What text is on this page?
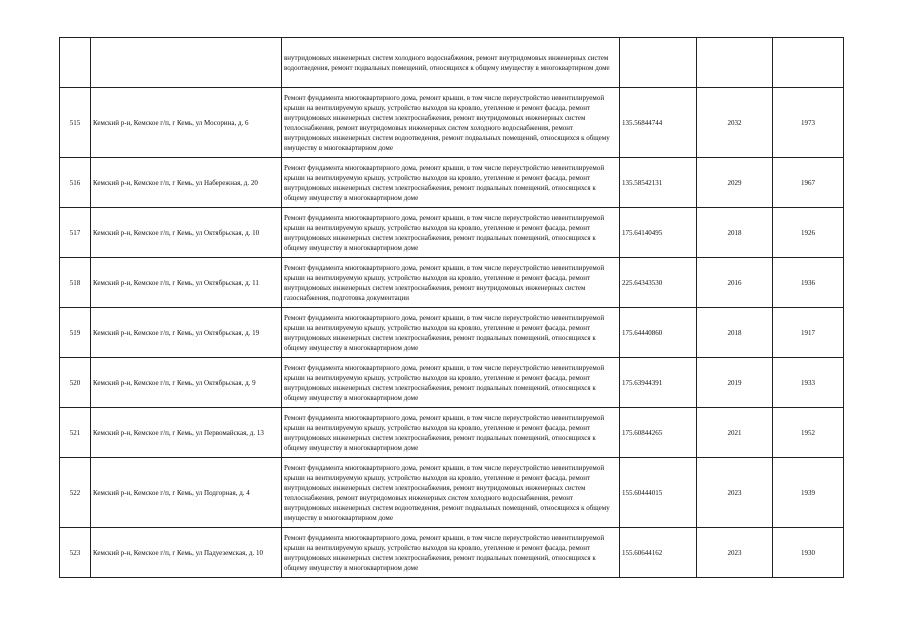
		внутридомовых инженерных систем холодного водоснабжения, ремонт внутридомовых инженерных систем водоотведения, ремонт подвальных помещений, относящихся к общему имуществу в многоквартирном доме			
515	Кемский р-н, Кемское г/п, г Кемь, ул Мосорина, д. 6	Ремонт фундамента многоквартирного дома, ремонт крыши, в том числе переустройство невентилируемой крыши на вентилируемую крышу, устройство выходов на кровлю, утепление и ремонт фасада, ремонт внутридомовых инженерных систем электроснабжения, ремонт внутридомовых инженерных систем теплоснабжения, ремонт внутридомовых инженерных систем холодного водоснабжения, ремонт внутридомовых инженерных систем водоотведения, ремонт подвальных помещений, относящихся к общему имуществу в многоквартирном доме	135.56844744	2032	1973
516	Кемский р-н, Кемское г/п, г Кемь, ул Набережная, д. 20	Ремонт фундамента многоквартирного дома, ремонт крыши, в том числе переустройство невентилируемой крыши на вентилируемую крышу, устройство выходов на кровлю, утепление и ремонт фасада, ремонт внутридомовых инженерных систем электроснабжения, ремонт подвальных помещений, относящихся к общему имуществу в многоквартирном доме	135.58542131	2029	1967
517	Кемский р-н, Кемское г/п, г Кемь, ул Октябрьская, д. 10	Ремонт фундамента многоквартирного дома, ремонт крыши, в том числе переустройство невентилируемой крыши на вентилируемую крышу, устройство выходов на кровлю, утепление и ремонт фасада, ремонт внутридомовых инженерных систем электроснабжения, ремонт подвальных помещений, относящихся к общему имуществу в многоквартирном доме	175.64140495	2018	1926
518	Кемский р-н, Кемское г/п, г Кемь, ул Октябрьская, д. 11	Ремонт фундамента многоквартирного дома, ремонт крыши, в том числе переустройство невентилируемой крыши на вентилируемую крышу, устройство выходов на кровлю, утепление и ремонт фасада, ремонт внутридомовых инженерных систем электроснабжения, ремонт внутридомовых инженерных систем газоснабжения, подготовка документации	225.64343530	2016	1936
519	Кемский р-н, Кемское г/п, г Кемь, ул Октябрьская, д. 19	Ремонт фундамента многоквартирного дома, ремонт крыши, в том числе переустройство невентилируемой крыши на вентилируемую крышу, устройство выходов на кровлю, утепление и ремонт фасада, ремонт внутридомовых инженерных систем электроснабжения, ремонт подвальных помещений, относящихся к общему имуществу в многоквартирном доме	175.64440860	2018	1917
520	Кемский р-н, Кемское г/п, г Кемь, ул Октябрьская, д. 9	Ремонт фундамента многоквартирного дома, ремонт крыши, в том числе переустройство невентилируемой крыши на вентилируемую крышу, устройство выходов на кровлю, утепление и ремонт фасада, ремонт внутридомовых инженерных систем электроснабжения, ремонт подвальных помещений, относящихся к общему имуществу в многоквартирном доме	175.63944391	2019	1933
521	Кемский р-н, Кемское г/п, г Кемь, ул Первомайская, д. 13	Ремонт фундамента многоквартирного дома, ремонт крыши, в том числе переустройство невентилируемой крыши на вентилируемую крышу, устройство выходов на кровлю, утепление и ремонт фасада, ремонт внутридомовых инженерных систем электроснабжения, ремонт подвальных помещений, относящихся к общему имуществу в многоквартирном доме	175.60844265	2021	1952
522	Кемский р-н, Кемское г/п, г Кемь, ул Подгорная, д. 4	Ремонт фундамента многоквартирного дома, ремонт крыши, в том числе переустройство невентилируемой крыши на вентилируемую крышу, устройство выходов на кровлю, утепление и ремонт фасада, ремонт внутридомовых инженерных систем электроснабжения, ремонт внутридомовых инженерных систем теплоснабжения, ремонт внутридомовых инженерных систем холодного водоснабжения, ремонт внутридомовых инженерных систем водоотведения, ремонт подвальных помещений, относящихся к общему имуществу в многоквартирном доме	155.60444015	2023	1939
523	Кемский р-н, Кемское г/п, г Кемь, ул Падуеземская, д. 10	Ремонт фундамента многоквартирного дома, ремонт крыши, в том числе переустройство невентилируемой крыши на вентилируемую крышу, устройство выходов на кровлю, утепление и ремонт фасада, ремонт внутридомовых инженерных систем электроснабжения, ремонт подвальных помещений, относящихся к общему имуществу в многоквартирном доме	155.60644162	2023	1930
